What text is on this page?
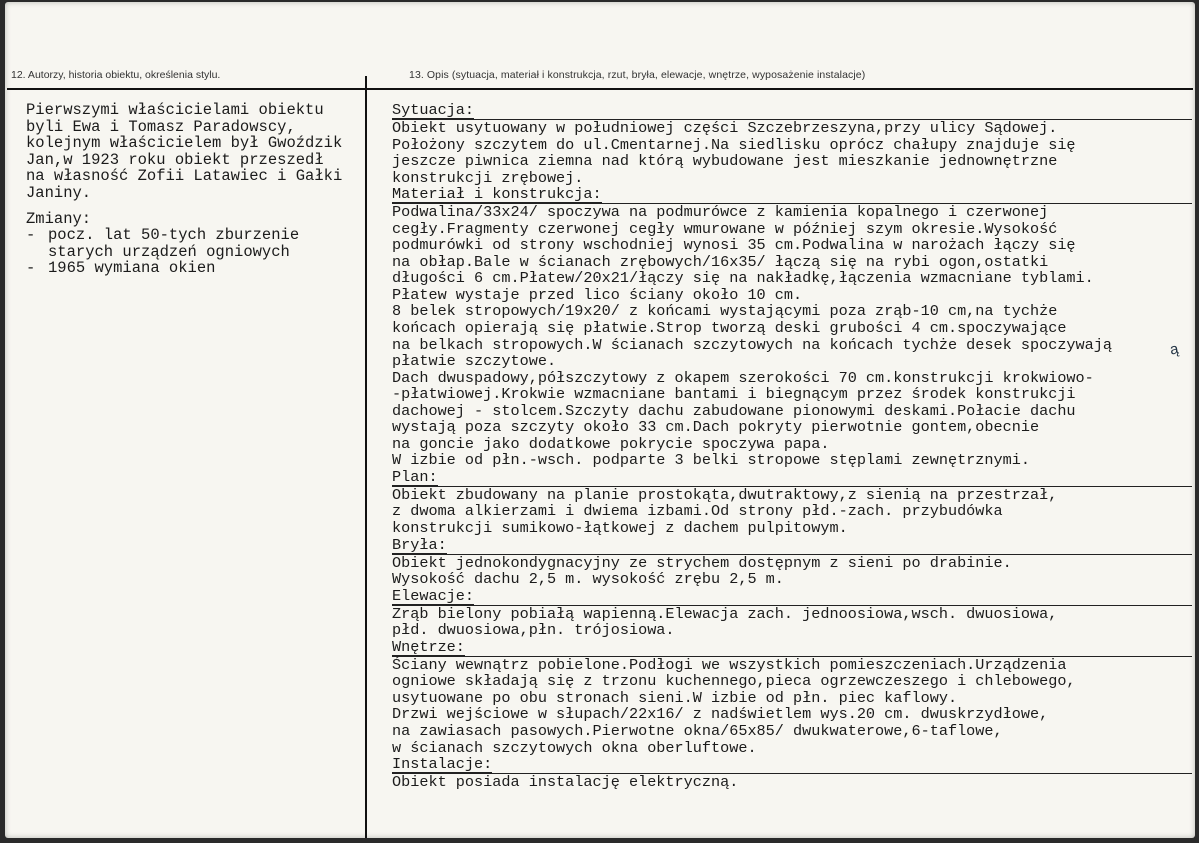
12. Autorzy, historia obiektu, określenia stylu.	13. Opis (sytuacja, materiał i konstrukcja, rzut, bryła, elewacje, wnętrze, wyposażenie instalacje)

Pierwszymi właścicielami obiektu

byli Ewa i Tomasz Paradowscy,

kolejnym właścicielem był Gwoździk

Jan,w 1923 roku obiekt przeszedł

na własność Zofii Latawiec i Gałki

Janiny.

Zmiany:

- pocz. lat 50-tych zburzenie
starych urządzeń ogniowych
- 1965 wymiana okien
Sytuacja:
Obiekt usytuowany w południowej części Szczebrzeszyna,przy ulicy Sądowej.
Położony szczytem do ul.Cmentarnej.Na siedlisku oprócz chałupy znajduje się
jeszcze piwnica ziemna nad którą wybudowane jest mieszkanie jednownętrzne
konstrukcji zrębowej.
Materiał i konstrukcja:
Podwalina/33x24/ spoczywa na podmurówce z kamienia kopalnego i czerwonej
cegły.Fragmenty czerwonej cegły wmurowane w później szym okresie.Wysokość
podmurówki od strony wschodniej wynosi 35 cm.Podwalina w narożach łączy się
na obłap.Bale w ścianach zrębowych/16x35/ łączą się na rybi ogon,ostatki
długości 6 cm.Płatew/20x21/łączy się na nakładkę,łączenia wzmacniane tyblami.
Płatew wystaje przed lico ściany około 10 cm.
8 belek stropowych/19x20/ z końcami wystającymi poza zrąb-10 cm,na tychże
końcach opierają się płatwie.Strop tworzą deski grubości 4 cm.spoczywające
na belkach stropowych.W ścianach szczytowych na końcach tychże desek spoczywają
płatwie szczytowe.
Dach dwuspadowy,półszczytowy z okapem szerokości 70 cm.konstrukcji krokwiowo-
-płatwiowej.Krokwie wzmacniane bantami i biegnącym przez środek konstrukcji
dachowej - stolcem.Szczyty dachu zabudowane pionowymi deskami.Połacie dachu
wystają poza szczyty około 33 cm.Dach pokryty pierwotnie gontem,obecnie
na goncie jako dodatkowe pokrycie spoczywa papa.
W izbie od płn.-wsch. podparte 3 belki stropowe stęplami zewnętrznymi.
Plan:
Obiekt zbudowany na planie prostokąta,dwutraktowy,z sienią na przestrzał,
z dwoma alkierzami i dwiema izbami.Od strony płd.-zach. przybudówka
konstrukcji sumikowo-łątkowej z dachem pulpitowym.
Bryła:
Obiekt jednokondygnacyjny ze strychem dostępnym z sieni po drabinie.
Wysokość dachu 2,5 m. wysokość zrębu 2,5 m.
Elewacje:
Zrąb bielony pobiałą wapienną.Elewacja zach. jednoosiowa,wsch. dwuosiowa,
płd. dwuosiowa,płn. trójosiowa.
Wnętrze:
Ściany wewnątrz pobielone.Podłogi we wszystkich pomieszczeniach.Urządzenia
ogniowe składają się z trzonu kuchennego,pieca ogrzewczeszego i chlebowego,
usytuowane po obu stronach sieni.W izbie od płn. piec kaflowy.
Drzwi wejściowe w słupach/22x16/ z nadświetlem wys.20 cm. dwuskrzydłowe,
na zawiasach pasowych.Pierwotne okna/65x85/ dwukwaterowe,6-taflowe,
w ścianach szczytowych okna oberluftowe.
Instalacje:
Obiekt posiada instalację elektryczną.
ą
